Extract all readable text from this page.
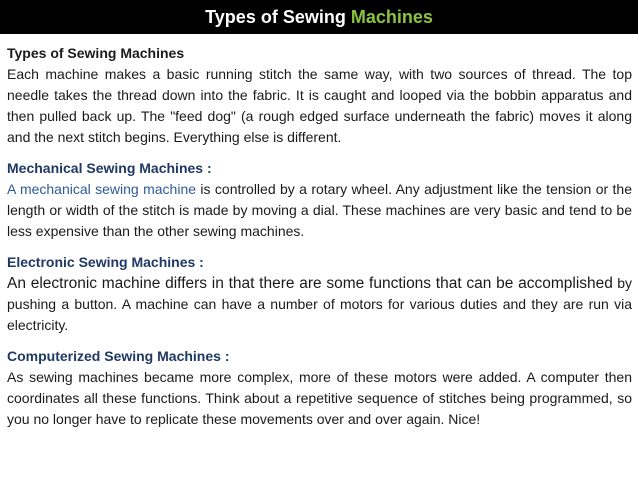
Types of Sewing Machines

Types of Sewing Machines

Each machine makes a basic running stitch the same way, with two sources of thread. The top needle takes the thread down into the fabric. It is caught and looped via the bobbin apparatus and then pulled back up. The "feed dog" (a rough edged surface underneath the fabric) moves it along and the next stitch begins. Everything else is different.

Mechanical Sewing Machines :

A mechanical sewing machine is controlled by a rotary wheel. Any adjustment like the tension or the length or width of the stitch is made by moving a dial. These machines are very basic and tend to be less expensive than the other sewing machines.

Electronic Sewing Machines :

An electronic machine differs in that there are some functions that can be accomplished by pushing a button. A machine can have a number of motors for various duties and they are run via electricity.

Computerized Sewing Machines :

As sewing machines became more complex, more of these motors were added. A computer then coordinates all these functions. Think about a repetitive sequence of stitches being programmed, so you no longer have to replicate these movements over and over again. Nice!
